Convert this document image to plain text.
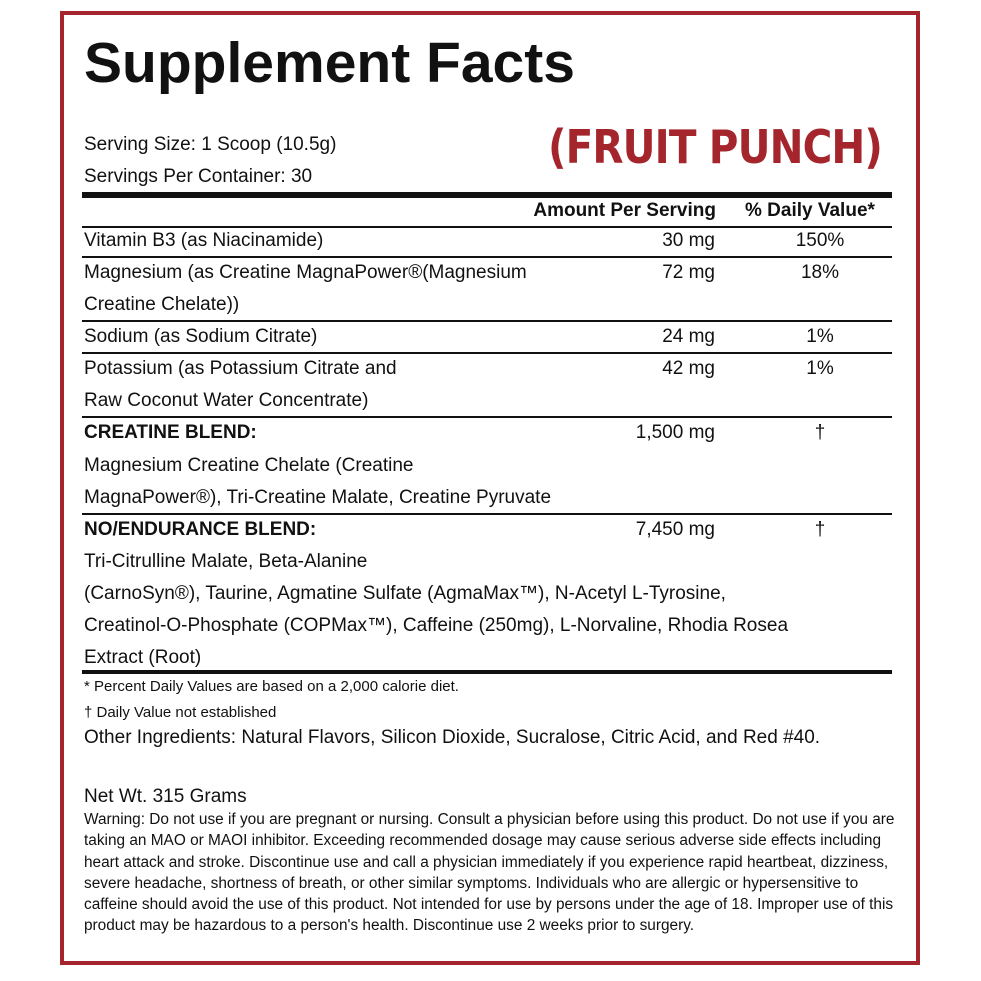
Supplement Facts
(FRUIT PUNCH)
Serving Size: 1 Scoop (10.5g)
Servings Per Container: 30
Amount Per Serving % Daily Value*
Vitamin B3 (as Niacinamide)	30 mg	150%
Magnesium (as Creatine MagnaPower®(Magnesium
Creatine Chelate))
72 mg	18%
Sodium (as Sodium Citrate)	24 mg	1%
Potassium (as Potassium Citrate and
Raw Coconut Water Concentrate)
42 mg	1%
CREATINE BLEND:
Magnesium Creatine Chelate (Creatine
MagnaPower®), Tri-Creatine Malate, Creatine Pyruvate
1,500 mg	†
NO/ENDURANCE BLEND:
Tri-Citrulline Malate, Beta-Alanine
(CarnoSyn®), Taurine, Agmatine Sulfate (AgmaMax™), N-Acetyl L-Tyrosine,
Creatinol-O-Phosphate (COPMax™), Caffeine (250mg), L-Norvaline, Rhodia Rosea
Extract (Root)
7,450 mg	†
* Percent Daily Values are based on a 2,000 calorie diet.
† Daily Value not established
Other Ingredients: Natural Flavors, Silicon Dioxide, Sucralose, Citric Acid, and Red #40.
Net Wt. 315 Grams
Warning: Do not use if you are pregnant or nursing. Consult a physician before using this product. Do not use if you are taking an MAO or MAOI inhibitor. Exceeding recommended dosage may cause serious adverse side effects including heart attack and stroke. Discontinue use and call a physician immediately if you experience rapid heartbeat, dizziness, severe headache, shortness of breath, or other similar symptoms. Individuals who are allergic or hypersensitive to caffeine should avoid the use of this product. Not intended for use by persons under the age of 18. Improper use of this product may be hazardous to a person's health. Discontinue use 2 weeks prior to surgery.
